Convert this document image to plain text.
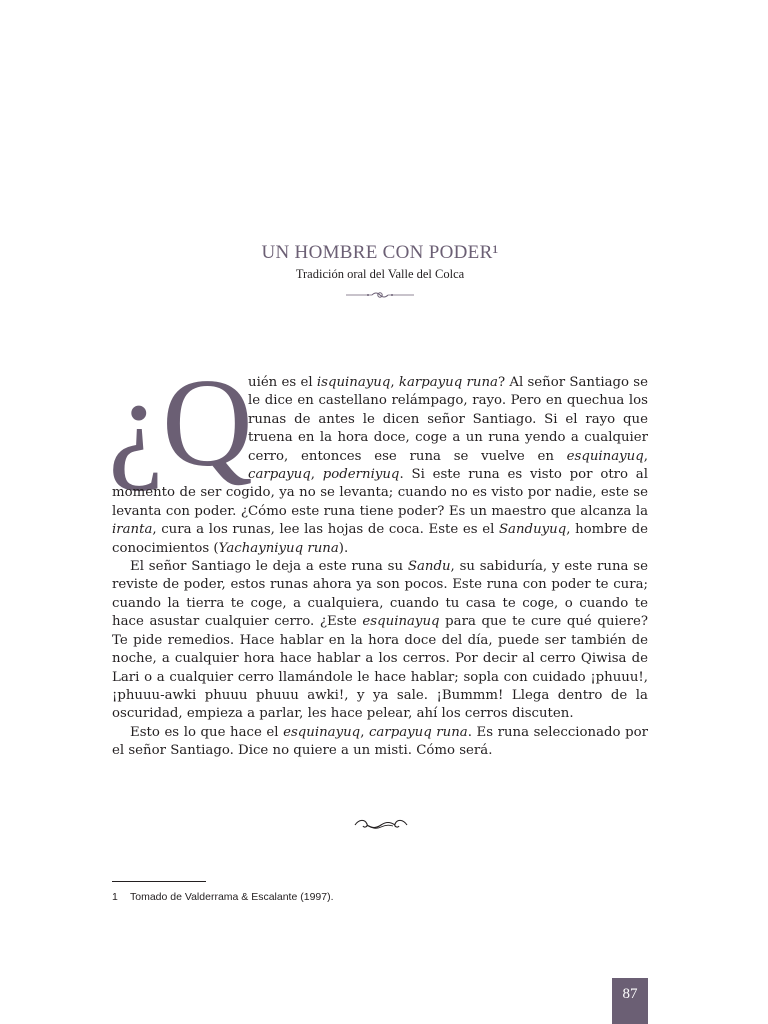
UN HOMBRE CON PODER¹
Tradición oral del Valle del Colca
¿Q

uién es el isquinayuq, karpayuq runa? Al señor Santiago se le dice en castellano relámpago, rayo. Pero en quechua los runas de antes le dicen señor Santiago. Si el rayo que truena en la hora doce, coge a un runa yendo a cualquier cerro, entonces ese runa se vuelve en esquinayuq, carpayuq, poderniyuq. Si este runa es visto por otro al momento de ser cogido, ya no se levanta; cuando no es visto por nadie, este se levanta con poder. ¿Cómo este runa tiene poder? Es un maestro que alcanza la iranta, cura a los runas, lee las hojas de coca. Este es el Sanduyuq, hombre de conocimientos (Yachayniyuq runa).

El señor Santiago le deja a este runa su Sandu, su sabiduría, y este runa se reviste de poder, estos runas ahora ya son pocos. Este runa con poder te cura; cuando la tierra te coge, a cualquiera, cuando tu casa te coge, o cuando te hace asustar cualquier cerro. ¿Este esquinayuq para que te cure qué quiere? Te pide remedios. Hace hablar en la hora doce del día, puede ser también de noche, a cualquier hora hace hablar a los cerros. Por decir al cerro Qiwisa de Lari o a cualquier cerro llamándole le hace hablar; sopla con cuidado ¡phuuu!, ¡phuuu-awki phuuu phuuu awki!, y ya sale. ¡Bummm! Llega dentro de la oscuridad, empieza a parlar, les hace pelear, ahí los cerros discuten.

Esto es lo que hace el esquinayuq, carpayuq runa. Es runa seleccionado por el señor Santiago. Dice no quiere a un misti. Cómo será.

1 Tomado de Valderrama & Escalante (1997).
87
